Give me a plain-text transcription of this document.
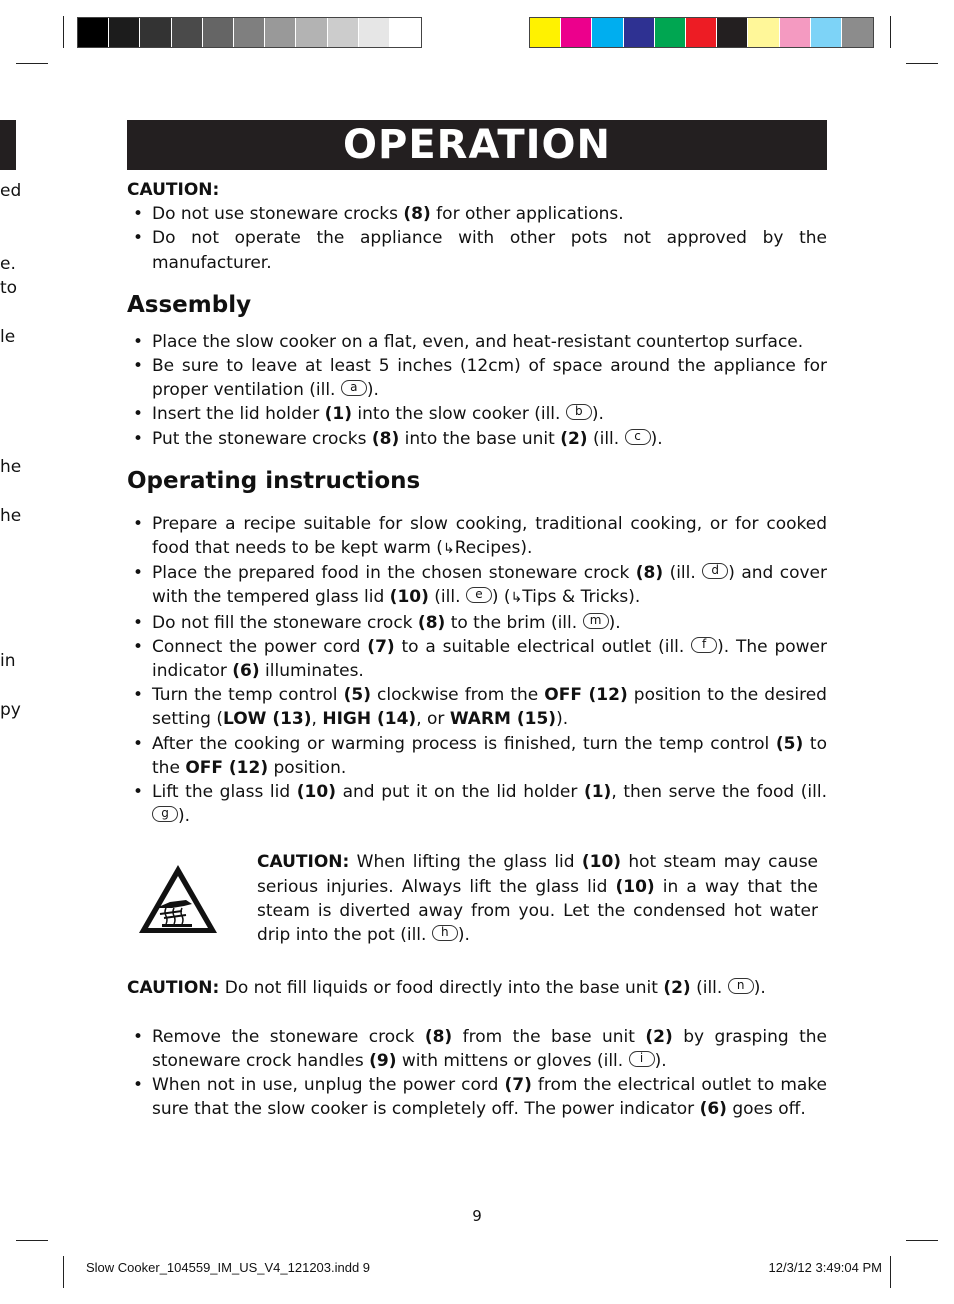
ed
e.
to
le
he
he
in
py
OPERATION

CAUTION:

• Do not use stoneware crocks (8) for other applications.
• Do not operate the appliance with other pots not approved by the manufacturer.
Assembly
• Place the slow cooker on a flat, even, and heat-resistant countertop surface.
• Be sure to leave at least 5 inches (12cm) of space around the appliance for proper ventilation (ill. a ).
• Insert the lid holder (1) into the slow cooker (ill. b ).
• Put the stoneware crocks (8) into the base unit (2) (ill. c ).
Operating instructions
• Prepare a recipe suitable for slow cooking, traditional cooking, or for cooked food that needs to be kept warm (↳Recipes).
• Place the prepared food in the chosen stoneware crock (8) (ill. d ) and cover with the tempered glass lid (10) (ill. e ) (↳Tips & Tricks).
• Do not fill the stoneware crock (8) to the brim (ill. m ).
• Connect the power cord (7) to a suitable electrical outlet (ill. f ). The power indicator (6) illuminates.
• Turn the temp control (5) clockwise from the OFF (12) position to the desired setting (LOW (13), HIGH (14), or WARM (15)).
• After the cooking or warming process is finished, turn the temp control (5) to the OFF (12) position.
• Lift the glass lid (10) and put it on the lid holder (1), then serve the food (ill. g ).
CAUTION: When lifting the glass lid (10) hot steam may cause serious injuries. Always lift the glass lid (10) in a way that the steam is diverted away from you. Let the condensed hot water drip into the pot (ill. h ).

CAUTION: Do not fill liquids or food directly into the base unit (2) (ill. n ).

• Remove the stoneware crock (8) from the base unit (2) by grasping the stoneware crock handles (9) with mittens or gloves (ill. i ).
• When not in use, unplug the power cord (7) from the electrical outlet to make sure that the slow cooker is completely off. The power indicator (6) goes off.
9
Slow Cooker_104559_IM_US_V4_121203.indd 9	12/3/12 3:49:04 PM
